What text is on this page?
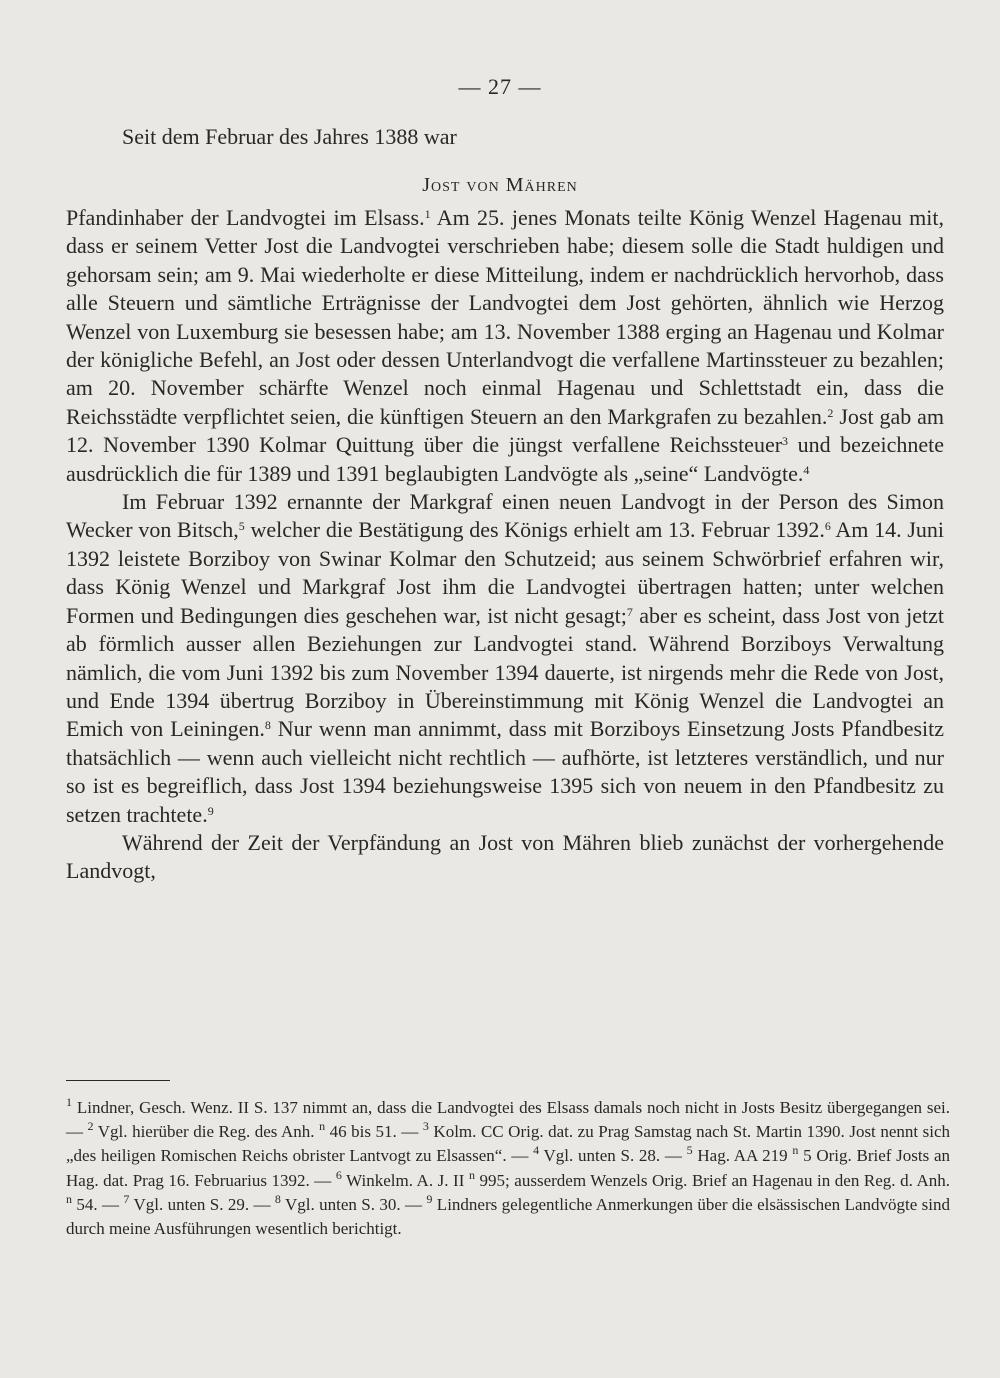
— 27 —
Seit dem Februar des Jahres 1388 war
Jost von Mähren

Pfandinhaber der Landvogtei im Elsass.$^1$ Am 25. jenes Monats teilte König Wenzel Hagenau mit, dass er seinem Vetter Jost die Landvogtei verschrieben habe; diesem solle die Stadt huldigen und gehorsam sein; am 9. Mai wiederholte er diese Mitteilung, indem er nachdrücklich hervorhob, dass alle Steuern und sämtliche Erträgnisse der Landvogtei dem Jost gehörten, ähnlich wie Herzog Wenzel von Luxemburg sie besessen habe; am 13. November 1388 erging an Hagenau und Kolmar der königliche Befehl, an Jost oder dessen Unterlandvogt die verfallene Martinssteuer zu bezahlen; am 20. November schärfte Wenzel noch einmal Hagenau und Schlettstadt ein, dass die Reichsstädte verpflichtet seien, die künftigen Steuern an den Markgrafen zu bezahlen.$^2$ Jost gab am 12. November 1390 Kolmar Quittung über die jüngst verfallene Reichssteuer$^3$ und bezeichnete ausdrücklich die für 1389 und 1391 beglaubigten Landvögte als „seine“ Landvögte.$^4$

Im Februar 1392 ernannte der Markgraf einen neuen Landvogt in der Person des Simon Wecker von Bitsch,$^5$ welcher die Bestätigung des Königs erhielt am 13. Februar 1392.$^6$ Am 14. Juni 1392 leistete Borziboy von Swinar Kolmar den Schutzeid; aus seinem Schwörbrief erfahren wir, dass König Wenzel und Markgraf Jost ihm die Landvogtei übertragen hatten; unter welchen Formen und Bedingungen dies geschehen war, ist nicht gesagt;$^7$ aber es scheint, dass Jost von jetzt ab förmlich ausser allen Beziehungen zur Landvogtei stand. Während Borziboys Verwaltung nämlich, die vom Juni 1392 bis zum November 1394 dauerte, ist nirgends mehr die Rede von Jost, und Ende 1394 übertrug Borziboy in Übereinstimmung mit König Wenzel die Landvogtei an Emich von Leiningen.$^8$ Nur wenn man annimmt, dass mit Borziboys Einsetzung Josts Pfandbesitz thatsächlich — wenn auch vielleicht nicht rechtlich — aufhörte, ist letzteres verständlich, und nur so ist es begreiflich, dass Jost 1394 beziehungsweise 1395 sich von neuem in den Pfandbesitz zu setzen trachtete.$^9$

Während der Zeit der Verpfändung an Jost von Mähren blieb zunächst der vorhergehende Landvogt,

$^1$ Lindner, Gesch. Wenz. II S. 137 nimmt an, dass die Landvogtei des Elsass damals noch nicht in Josts Besitz übergegangen sei. — $^2$ Vgl. hierüber die Reg. des Anh. $^n$ 46 bis 51. — $^3$ Kolm. CC Orig. dat. zu Prag Samstag nach St. Martin 1390. Jost nennt sich „des heiligen Romischen Reichs obrister Lantvogt zu Elsassen“. — $^4$ Vgl. unten S. 28. — $^5$ Hag. AA 219 $^n$ 5 Orig. Brief Josts an Hag. dat. Prag 16. Februarius 1392. — $^6$ Winkelm. A. J. II $^n$ 995; ausserdem Wenzels Orig. Brief an Hagenau in den Reg. d. Anh. $^n$ 54. — $^7$ Vgl. unten S. 29. — $^8$ Vgl. unten S. 30. — $^9$ Lindners gelegentliche Anmerkungen über die elsässischen Landvögte sind durch meine Ausführungen wesentlich berichtigt.
